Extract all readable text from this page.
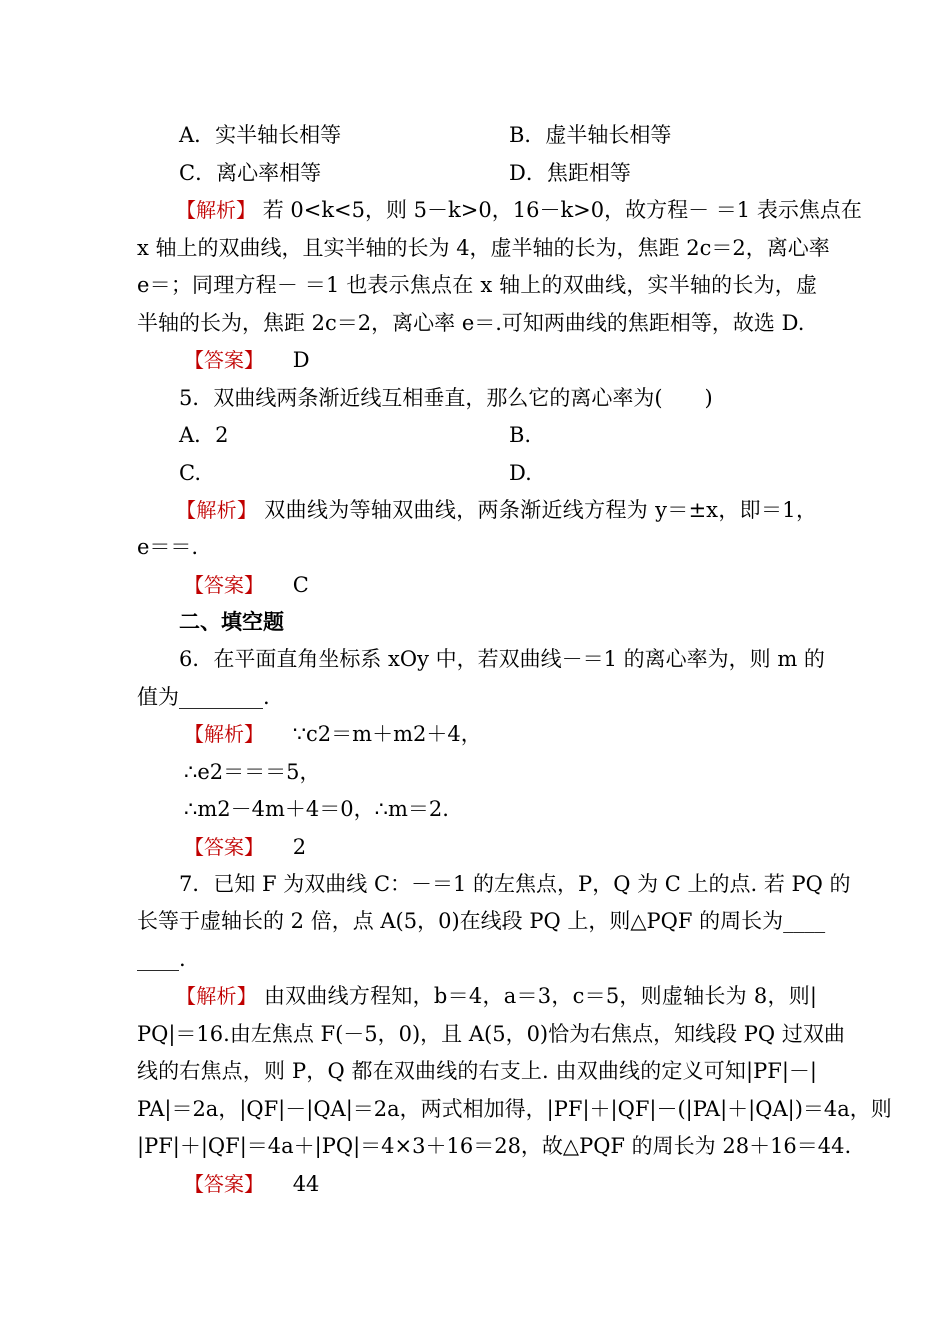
A．实半轴长相等	B．虚半轴长相等
C．离心率相等	D．焦距相等
【解析】 若 0<k<5，则 5－k>0，16－k>0，故方程－ ＝1 表示焦点在
x 轴上的双曲线，且实半轴的长为 4，虚半轴的长为，焦距 2c＝2，离心率
e＝；同理方程－ ＝1 也表示焦点在 x 轴上的双曲线，实半轴的长为，虚
半轴的长为，焦距 2c＝2，离心率 e＝.可知两曲线的焦距相等，故选 D.
【答案】 D
5．双曲线两条渐近线互相垂直，那么它的离心率为(　　)
A．2	B.
C.	D.
【解析】 双曲线为等轴双曲线，两条渐近线方程为 y＝±x，即＝1，
e＝＝.
【答案】 C
二、填空题
6．在平面直角坐标系 xOy 中，若双曲线－＝1 的离心率为，则 m 的
值为________.
【解析】 ∵c2＝m＋m2＋4，
∴e2＝＝＝5，
∴m2－4m＋4＝0，∴m＝2.
【答案】 2
7．已知 F 为双曲线 C：－＝1 的左焦点，P，Q 为 C 上的点. 若 PQ 的
长等于虚轴长的 2 倍，点 A(5，0)在线段 PQ 上，则△PQF 的周长为____
____.
【解析】 由双曲线方程知，b＝4，a＝3，c＝5，则虚轴长为 8，则|
PQ|＝16.由左焦点 F(－5，0)，且 A(5，0)恰为右焦点，知线段 PQ 过双曲
线的右焦点，则 P，Q 都在双曲线的右支上. 由双曲线的定义可知|PF|－|
PA|＝2a，|QF|－|QA|＝2a，两式相加得，|PF|＋|QF|－(|PA|＋|QA|)＝4a，则
|PF|＋|QF|＝4a＋|PQ|＝4×3＋16＝28，故△PQF 的周长为 28＋16＝44.
【答案】 44
